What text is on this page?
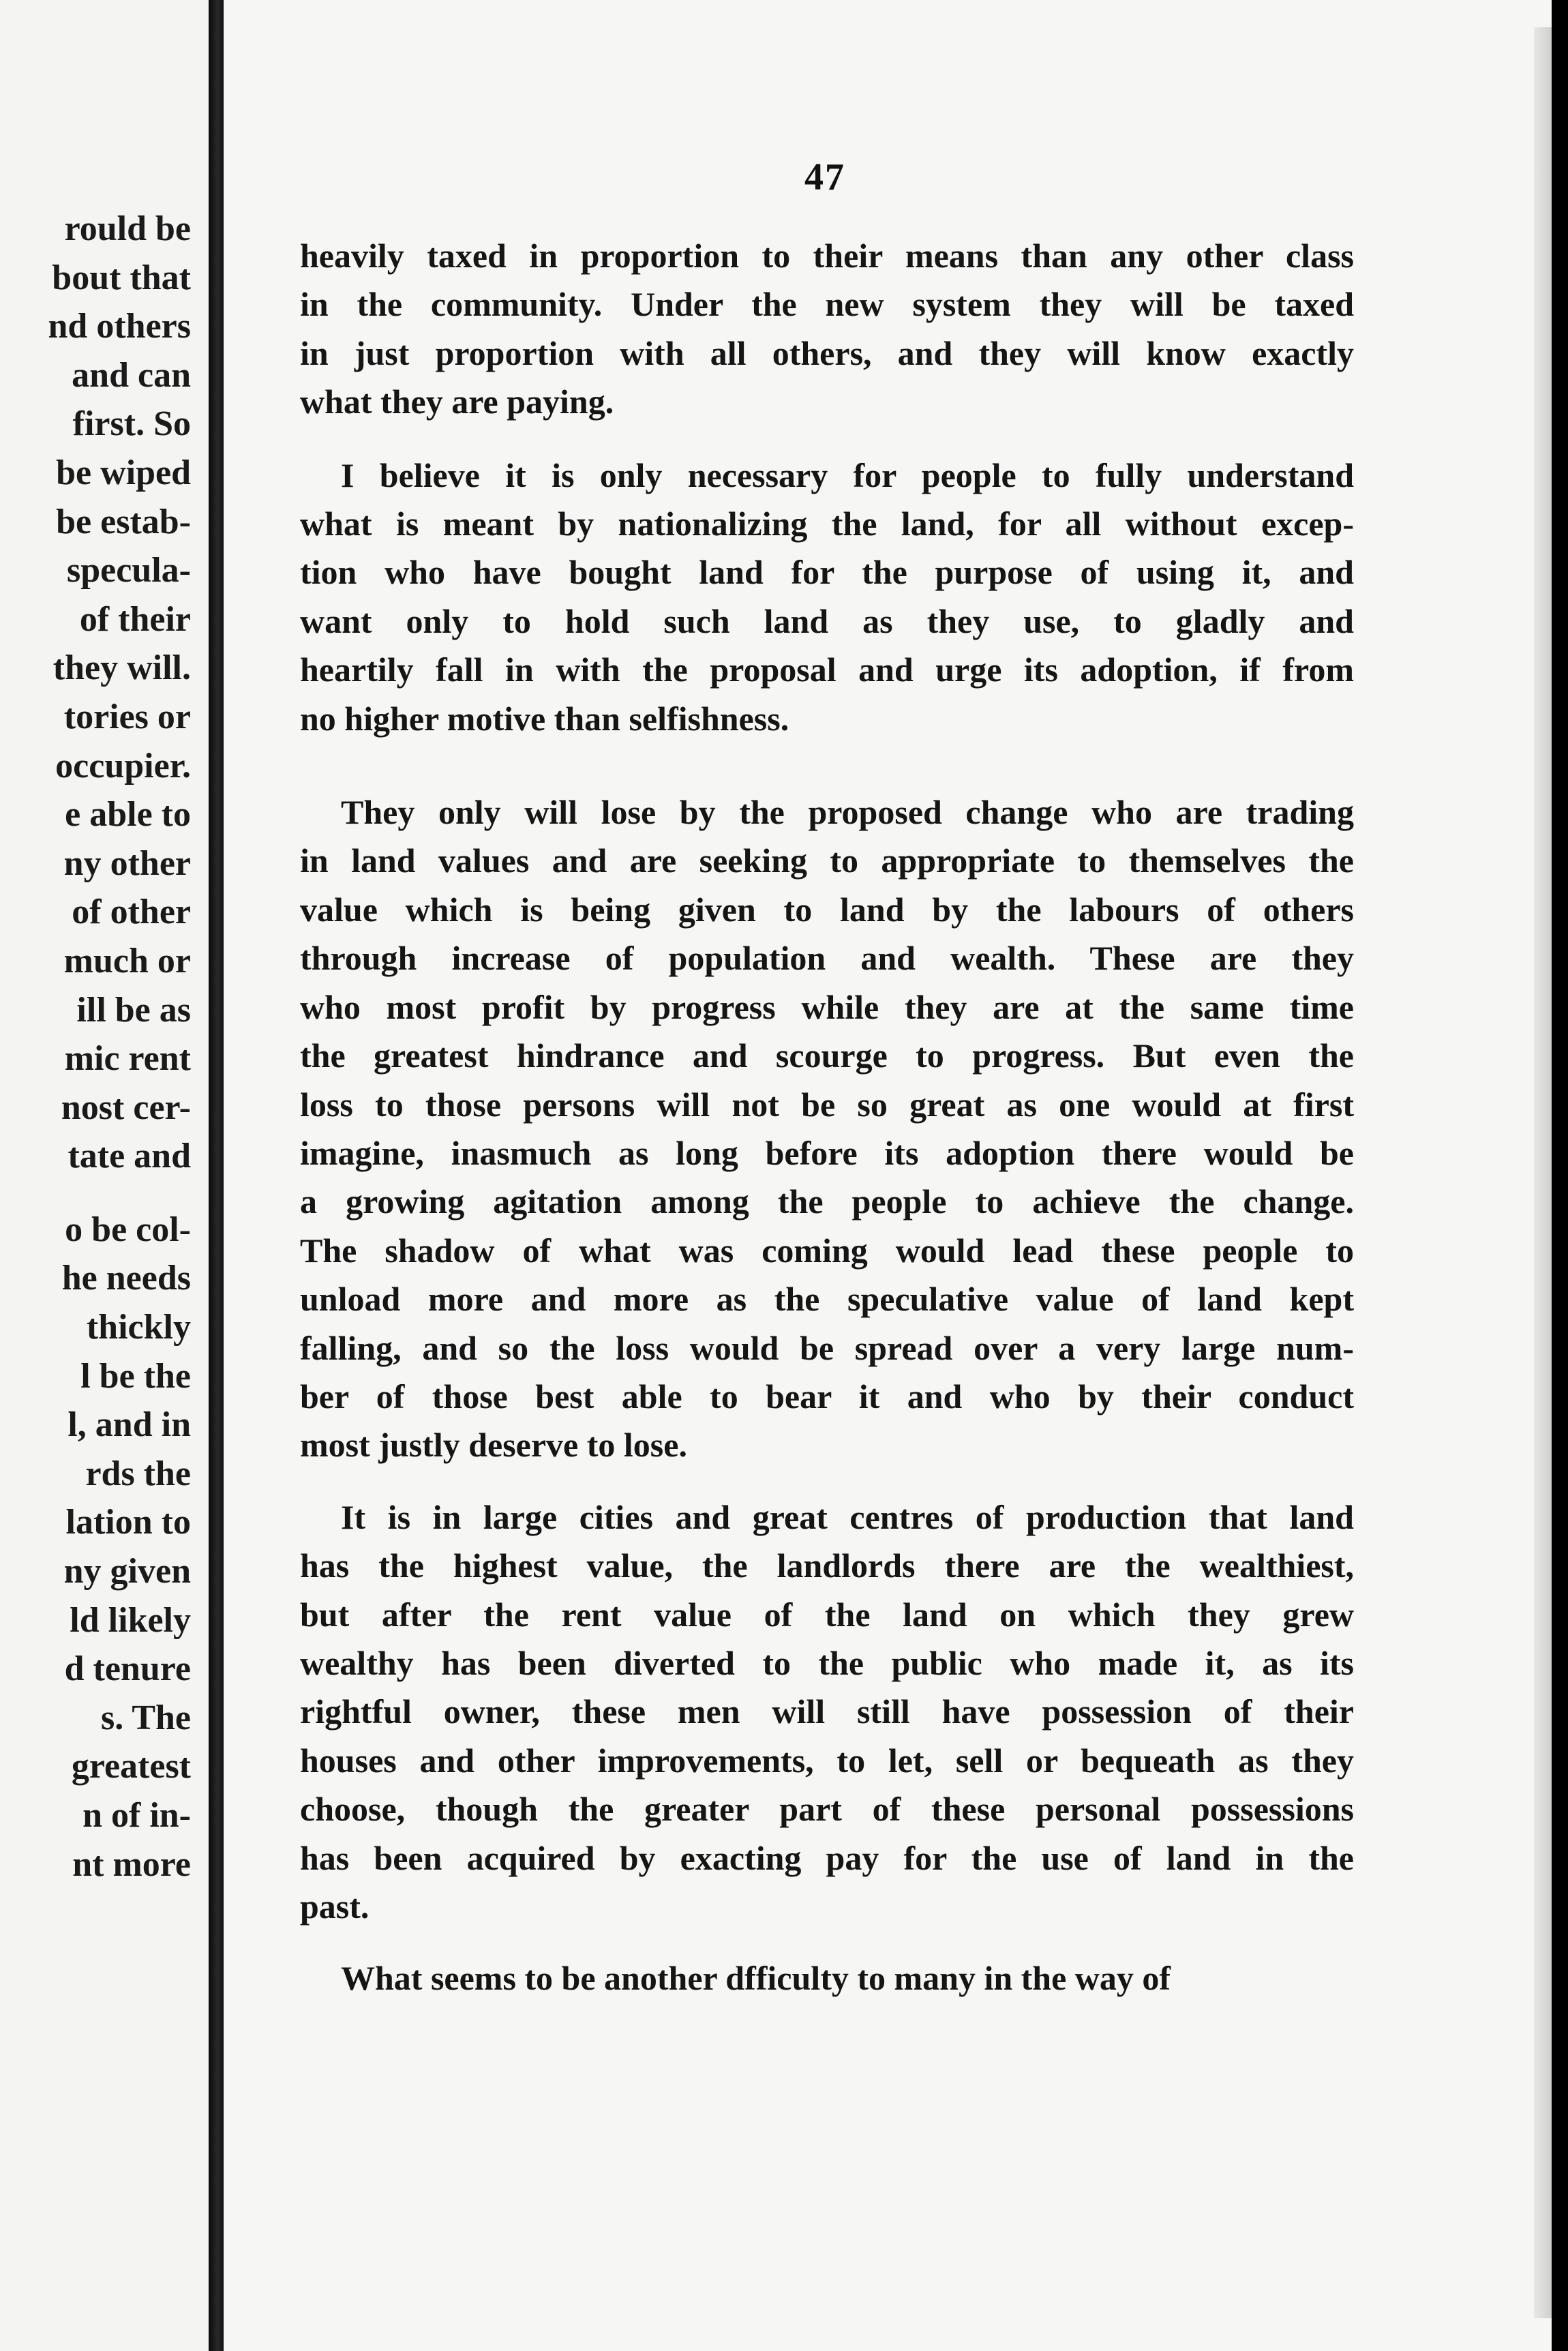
rould be
bout that
nd others
and can
first. So
be wiped
be estab-
specula-
of their
they will.
tories or
occupier.
e able to
ny other
of other
much or
ill be as
mic rent
nost cer-
tate and
o be col-
he needs
thickly
l be the
l, and in
rds the
lation to
ny given
ld likely
d tenure
s. The
greatest
n of in-
nt more
47
heavily taxed in proportion to their means than any other class
in the community. Under the new system they will be taxed
in just proportion with all others, and they will know exactly
what they are paying.
I believe it is only necessary for people to fully understand
what is meant by nationalizing the land, for all without excep-
tion who have bought land for the purpose of using it, and
want only to hold such land as they use, to gladly and
heartily fall in with the proposal and urge its adoption, if from
no higher motive than selfishness.
They only will lose by the proposed change who are trading
in land values and are seeking to appropriate to themselves the
value which is being given to land by the labours of others
through increase of population and wealth. These are they
who most profit by progress while they are at the same time
the greatest hindrance and scourge to progress. But even the
loss to those persons will not be so great as one would at first
imagine, inasmuch as long before its adoption there would be
a growing agitation among the people to achieve the change.
The shadow of what was coming would lead these people to
unload more and more as the speculative value of land kept
falling, and so the loss would be spread over a very large num-
ber of those best able to bear it and who by their conduct
most justly deserve to lose.
It is in large cities and great centres of production that land
has the highest value, the landlords there are the wealthiest,
but after the rent value of the land on which they grew
wealthy has been diverted to the public who made it, as its
rightful owner, these men will still have possession of their
houses and other improvements, to let, sell or bequeath as they
choose, though the greater part of these personal possessions
has been acquired by exacting pay for the use of land in the
past.
What seems to be another dfficulty to many in the way of
